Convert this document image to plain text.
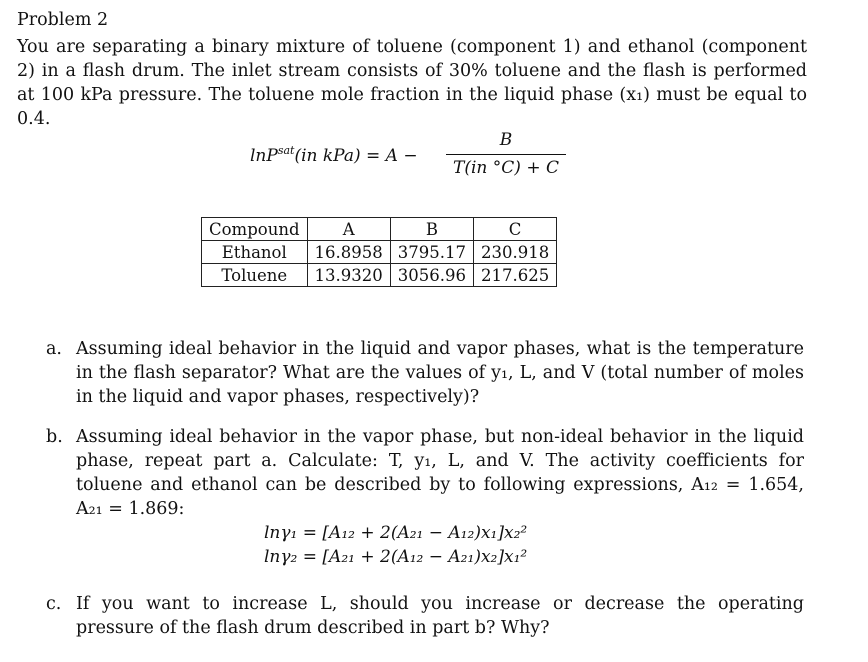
Problem 2
You are separating a binary mixture of toluene (component 1) and ethanol (component 2) in a flash drum. The inlet stream consists of 30% toluene and the flash is performed at 100 kPa pressure. The toluene mole fraction in the liquid phase (x₁) must be equal to 0.4.
lnP$^{sat}$(in kPa) = A −
B
T(in °C) + C
Compound	A	B	C
Ethanol	16.8958	3795.17	230.918
Toluene	13.9320	3056.96	217.625
a. Assuming ideal behavior in the liquid and vapor phases, what is the temperature in the flash separator? What are the values of y₁, L, and V (total number of moles in the liquid and vapor phases, respectively)?
b. Assuming ideal behavior in the vapor phase, but non-ideal behavior in the liquid phase, repeat part a. Calculate: T, y₁, L, and V. The activity coefficients for toluene and ethanol can be described by to following expressions, A₁₂ = 1.654, A₂₁ = 1.869:
c. If you want to increase L, should you increase or decrease the operating pressure of the flash drum described in part b? Why?
lnγ₁ = [A₁₂ + 2(A₂₁ − A₁₂)x₁]x₂²
lnγ₂ = [A₂₁ + 2(A₁₂ − A₂₁)x₂]x₁²
